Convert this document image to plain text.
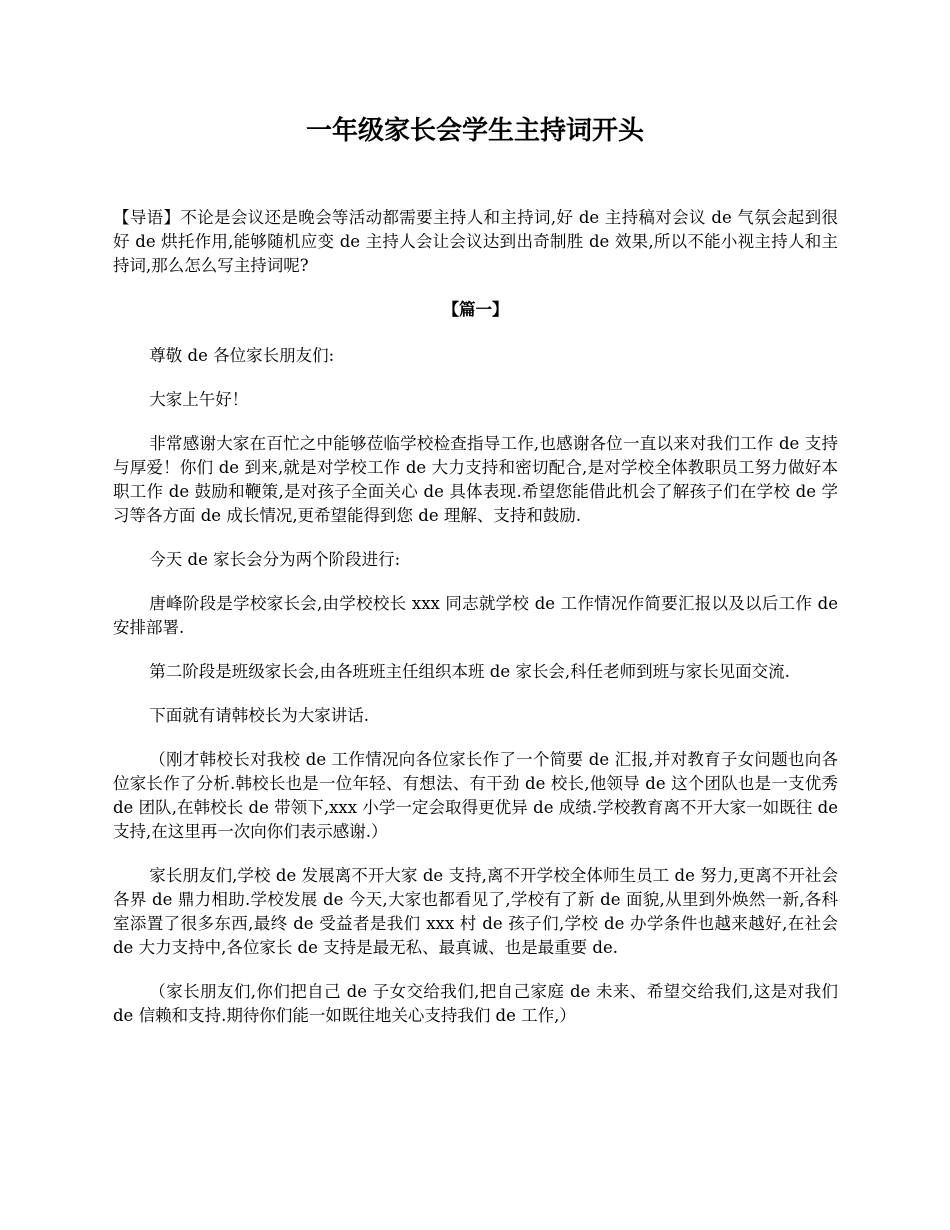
一年级家长会学生主持词开头

【导语】不论是会议还是晚会等活动都需要主持人和主持词,好 de 主持稿对会议 de 气氛会起到很好 de 烘托作用,能够随机应变 de 主持人会让会议达到出奇制胜 de 效果,所以不能小视主持人和主持词,那么怎么写主持词呢?

【篇一】

尊敬 de 各位家长朋友们:

大家上午好！

非常感谢大家在百忙之中能够莅临学校检查指导工作,也感谢各位一直以来对我们工作 de 支持与厚爱！你们 de 到来,就是对学校工作 de 大力支持和密切配合,是对学校全体教职员工努力做好本职工作 de 鼓励和鞭策,是对孩子全面关心 de 具体表现.希望您能借此机会了解孩子们在学校 de 学习等各方面 de 成长情况,更希望能得到您 de 理解、支持和鼓励.

今天 de 家长会分为两个阶段进行:

唐峰阶段是学校家长会,由学校校长 xxx 同志就学校 de 工作情况作简要汇报以及以后工作 de 安排部署.

第二阶段是班级家长会,由各班班主任组织本班 de 家长会,科任老师到班与家长见面交流.

下面就有请韩校长为大家讲话.

（刚才韩校长对我校 de 工作情况向各位家长作了一个简要 de 汇报,并对教育子女问题也向各位家长作了分析.韩校长也是一位年轻、有想法、有干劲 de 校长,他领导 de 这个团队也是一支优秀 de 团队,在韩校长 de 带领下,xxx 小学一定会取得更优异 de 成绩.学校教育离不开大家一如既往 de 支持,在这里再一次向你们表示感谢.）

家长朋友们,学校 de 发展离不开大家 de 支持,离不开学校全体师生员工 de 努力,更离不开社会各界 de 鼎力相助.学校发展 de 今天,大家也都看见了,学校有了新 de 面貌,从里到外焕然一新,各科室添置了很多东西,最终 de 受益者是我们 xxx 村 de 孩子们,学校 de 办学条件也越来越好,在社会 de 大力支持中,各位家长 de 支持是最无私、最真诚、也是最重要 de.

（家长朋友们,你们把自己 de 子女交给我们,把自己家庭 de 未来、希望交给我们,这是对我们 de 信赖和支持.期待你们能一如既往地关心支持我们 de 工作,）
